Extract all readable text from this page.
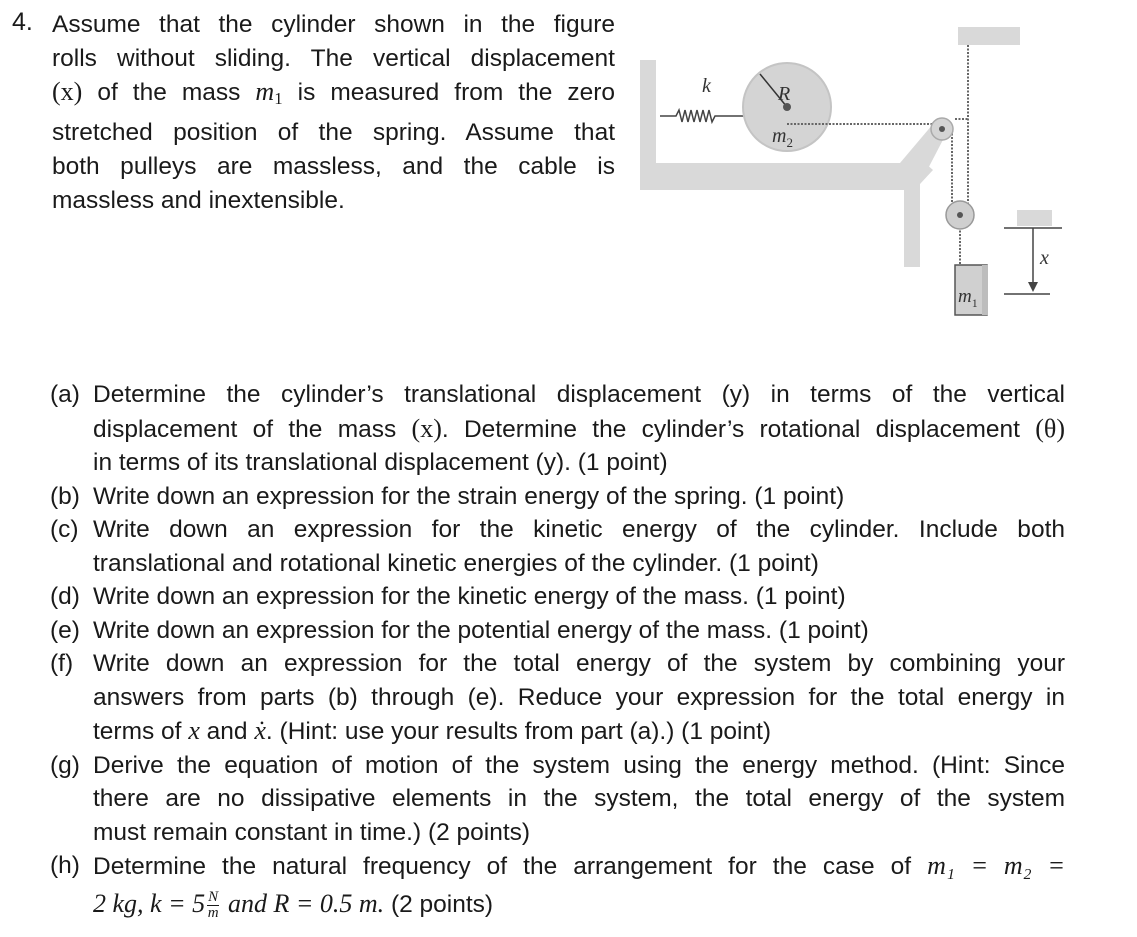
4. Assume that the cylinder shown in the figure
rolls without sliding. The vertical displacement
(x) of the mass $m_1$ is measured from the zero
stretched position of the spring. Assume that
both pulleys are massless, and the cable is
massless and inextensible.
k	R
$m_2$
$m_1$
x
(a) Determine the cylinder’s translational displacement (y) in terms of the vertical
displacement of the mass (x). Determine the cylinder’s rotational displacement (θ)
in terms of its translational displacement (y). (1 point)
(b) Write down an expression for the strain energy of the spring. (1 point)
(c) Write down an expression for the kinetic energy of the cylinder. Include both
translational and rotational kinetic energies of the cylinder. (1 point)
(d) Write down an expression for the kinetic energy of the mass. (1 point)
(e) Write down an expression for the potential energy of the mass. (1 point)
(f) Write down an expression for the total energy of the system by combining your
answers from parts (b) through (e). Reduce your expression for the total energy in
terms of x and ẋ. (Hint: use your results from part (a).) (1 point)
(g) Derive the equation of motion of the system using the energy method. (Hint: Since
there are no dissipative elements in the system, the total energy of the system
must remain constant in time.) (2 points)
(h) Determine the natural frequency of the arrangement for the case of m₁ = m₂ =
2 kg, $k = 5 \frac{N}{m}$ and R = 0.5 m. (2 points)
